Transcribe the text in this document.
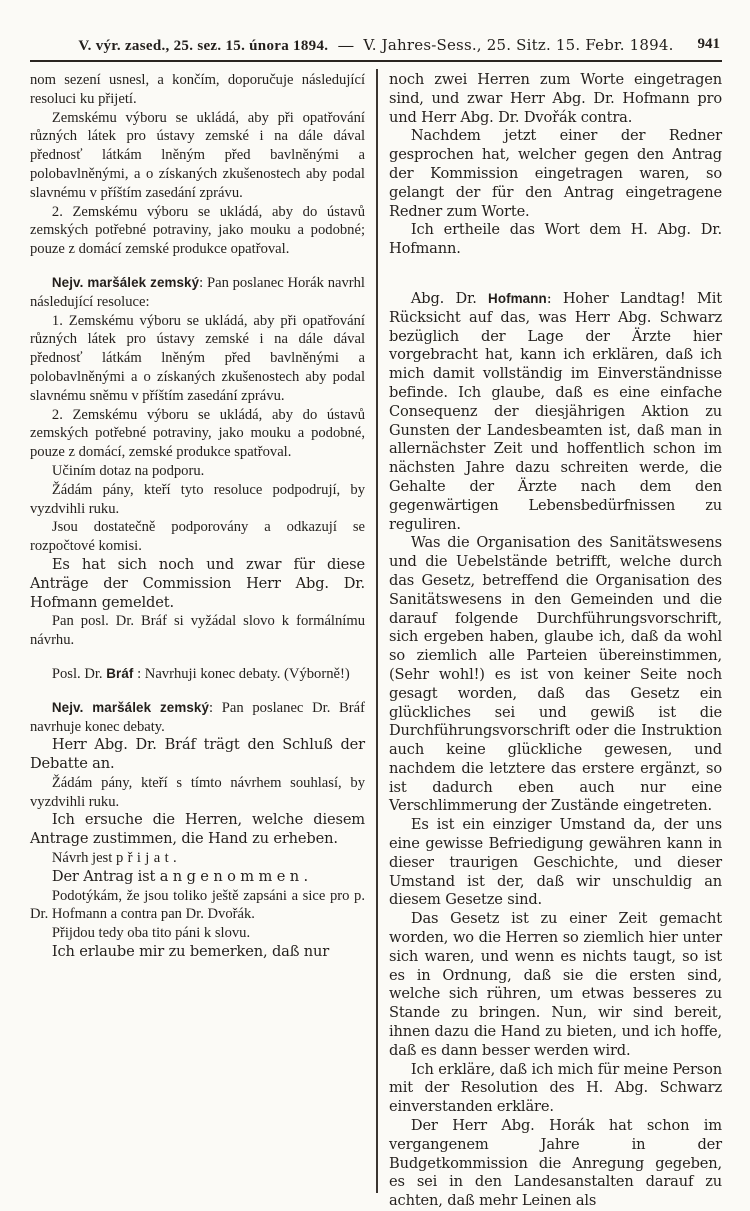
V. výr. zased., 25. sez. 15. února 1894. — V. Jahres-Sess., 25. Sitz. 15. Febr. 1894. 941

nom sezení usnesl, a končím, doporučuje následující resoluci ku přijetí.

Zemskému výboru se ukládá, aby při opatřování různých látek pro ústavy zemské i na dále dával přednosť látkám lněným před bavlněnými a polobavlněnými, a o získaných zkušenostech aby podal slavnému v příštím zasedání zprávu.

2. Zemskému výboru se ukládá, aby do ústavů zemských potřebné potraviny, jako mouku a podobné; pouze z domácí zemské produkce opatřoval.

Nejv. maršálek zemský: Pan poslanec Horák navrhl následující resoluce:

1. Zemskému výboru se ukládá, aby při opatřování různých látek pro ústavy zemské i na dále dával přednosť látkám lněným před bavlněnými a polobavlněnými a o získaných zkušenostech aby podal slavnému sněmu v příštím zasedání zprávu.

2. Zemskému výboru se ukládá, aby do ústavů zemských potřebné potraviny, jako mouku a podobné, pouze z domácí, zemské produkce spatřoval.

Učiním dotaz na podporu.

Žádám pány, kteří tyto resoluce podpodrují, by vyzdvihli ruku.

Jsou dostatečně podporovány a odkazují se rozpočtové komisi.

Es hat sich noch und zwar für diese Anträge der Commission Herr Abg. Dr. Hofmann gemeldet.

Pan posl. Dr. Bráf si vyžádal slovo k formálnímu návrhu.

Posl. Dr. Bráf : Navrhuji konec debaty. (Výborně!)

Nejv. maršálek zemský: Pan poslanec Dr. Bráf navrhuje konec debaty.

Herr Abg. Dr. Bráf trägt den Schluß der Debatte an.

Žádám pány, kteří s tímto návrhem souhlasí, by vyzdvihli ruku.

Ich ersuche die Herren, welche diesem Antrage zustimmen, die Hand zu erheben.

Návrh jest přijat.

Der Antrag ist angenommen.

Podotýkám, že jsou toliko ještě zapsáni a sice pro p. Dr. Hofmann a contra pan Dr. Dvořák.

Přijdou tedy oba tito páni k slovu.

Ich erlaube mir zu bemerken, daß nur

noch zwei Herren zum Worte eingetragen sind, und zwar Herr Abg. Dr. Hofmann pro und Herr Abg. Dr. Dvořák contra.

Nachdem jetzt einer der Redner gesprochen hat, welcher gegen den Antrag der Kommission eingetragen waren, so gelangt der für den Antrag eingetragene Redner zum Worte.

Ich ertheile das Wort dem H. Abg. Dr. Hofmann.

Abg. Dr. Hofmann: Hoher Landtag! Mit Rücksicht auf das, was Herr Abg. Schwarz bezüglich der Lage der Ärzte hier vorgebracht hat, kann ich erklären, daß ich mich damit vollständig im Einverständnisse befinde. Ich glaube, daß es eine einfache Consequenz der diesjährigen Aktion zu Gunsten der Landesbeamten ist, daß man in allernächster Zeit und hoffentlich schon im nächsten Jahre dazu schreiten werde, die Gehalte der Ärzte nach dem den gegenwärtigen Lebensbedürfnissen zu reguliren.

Was die Organisation des Sanitätswesens und die Uebelstände betrifft, welche durch das Gesetz, betreffend die Organisation des Sanitätswesens in den Gemeinden und die darauf folgende Durchführungsvorschrift, sich ergeben haben, glaube ich, daß da wohl so ziemlich alle Parteien übereinstimmen, (Sehr wohl!) es ist von keiner Seite noch gesagt worden, daß das Gesetz ein glückliches sei und gewiß ist die Durchführungsvorschrift oder die Instruktion auch keine glückliche gewesen, und nachdem die letztere das erstere ergänzt, so ist dadurch eben auch nur eine Verschlimmerung der Zustände eingetreten.

Es ist ein einziger Umstand da, der uns eine gewisse Befriedigung gewähren kann in dieser traurigen Geschichte, und dieser Umstand ist der, daß wir unschuldig an diesem Gesetze sind.

Das Gesetz ist zu einer Zeit gemacht worden, wo die Herren so ziemlich hier unter sich waren, und wenn es nichts taugt, so ist es in Ordnung, daß sie die ersten sind, welche sich rühren, um etwas besseres zu Stande zu bringen. Nun, wir sind bereit, ihnen dazu die Hand zu bieten, und ich hoffe, daß es dann besser werden wird.

Ich erkläre, daß ich mich für meine Person mit der Resolution des H. Abg. Schwarz einverstanden erkläre.

Der Herr Abg. Horák hat schon im vergangenem Jahre in der Budgetkommission die Anregung gegeben, es sei in den Landesanstalten darauf zu achten, daß mehr Leinen als
